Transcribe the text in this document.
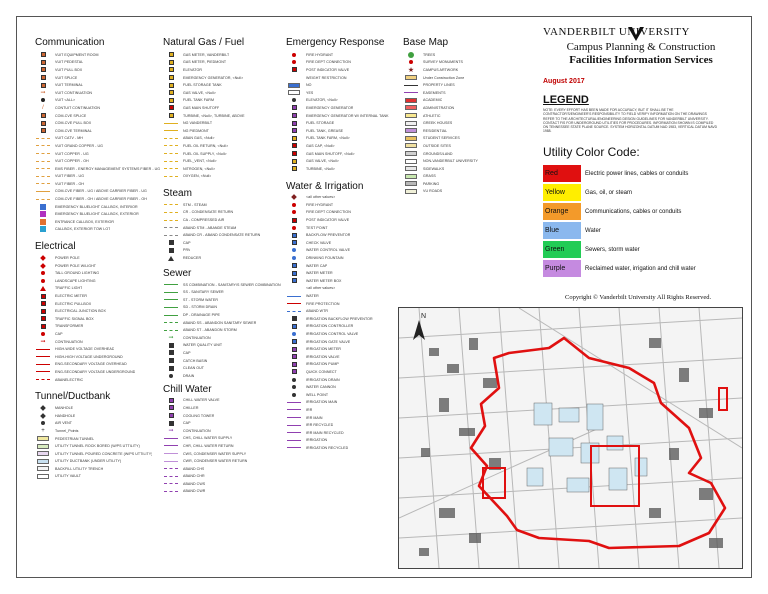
Communication
VUIT EQUIPMENT ROOM
VUIT PEDESTAL
VUIT PULL BOX
VUIT SPLICE
VUIT TERMINAL
➞	VUIT CONTINUATION
VUIT <ALL>
/	CONTUIT CONTINUATION
COM-CVE SPLICE
COM-CVE PULL BOX
COM-CVE TERMINAL
VUIT CATV - MH
VUIT GRAND COPPER - UG
VUIT COPPER - UG
VUIT COPPER - OH
EMS FIBER - ENERGY MANAGEMENT SYSTEMS FIBER - UG
VUIT FIBER - UG
VUIT FIBER - OH
COM-CVE FIBER - UG / ABOVE CARRIER FIBER - UG
COM-CVE FIBER - OH / ABOVE CARRIER FIBER - OH
EMERGENCY BLUELIGHT CALLBOX, INTERIOR
EMERGENCY BLUELIGHT CALLBOX, EXTERIOR
ENTRANCE CALLBOX, EXTERIOR
CALLBOX, EXTERIOR TOW LOT
Electrical
POWER POLE
POWER POLE W/LIGHT
TALL GROUND LIGHTING
LANDSCAPE LIGHTING
TRAFFIC LIGHT
ELECTRIC METER
ELECTRIC PULLBOX
ELECTRICAL JUNCTION BOX
TRAFFIC SIGNAL BOX
TRANSFORMER
CAP
➞	CONTINUATION
HIGH-WIDE VOLTAGE OVERHEAD
HIGH-HIGH VOLTAGE UNDERGROUND
ENG-SECONDARY VOLTAGE OVERHEAD
ENG-SECONDARY VOLTAGE UNDERGROUND
ABANELECTRIC
Tunnel/Ductbank
MANHOLE
HANDHOLE
AIR VENT
+	Tunnel_Points
PEDESTRIAN TUNNEL
UTILITY TUNNEL ROCK BORED (W/PS UTTILITY)
UTILITY TUNNEL POURED CONCRETE (W/PS UTTILITY)
UTILITY DUCTBANK (UNDER UTILITY)
BACKFILL UTILITY TRENCH
UTILITY VAULT
Natural Gas / Fuel
GAS METER, VANDERBILT
GAS METER, PIEDMONT
ELEVATOR
EMERGENCY GENERATOR, <Null>
FUEL STORAGE TANK
GAS VALVE, <Null>
FUEL TANK FARM
GAS MAIN SHUTOFF
TURBINE, <Null>, TURBINE, ABOVE
NG VANDERBILT
NG PIEDMONT
ABAN GAS, <Null>
FUEL OIL RETURN, <Null>
FUEL OIL SUPPLY, <Null>
FUEL_VENT, <Null>
NITROGEN, <Null>
OXYGEN, <Null>
Steam
STM - STEAM
CR - CONDENSATE RETURN
CA - COMPRESSED AIR
ABAND STM - ABANDE STEAM
ABAND CR - ABAND CONDENSATE RETURN
CAP
PRV
REDUCER
Sewer
SS COMBINATION - SANITARY/S SEWER COMBINATION
SS - SANITARY SEWER
ST - STORM WATER
SD - STORM DRAIN
DP - DRAINAGE PIPE
ABAND SS - ABANDON SANITARY SEWER
ABAND ST - ABANDON STORM
➞	CONTINUATION
WATER QUALITY UNIT
CAP
CATCH BASIN
CLEAN OUT
DRAIN
Chill Water
CHILL WATER VALVE
CHILLER
COOLING TOWER
CAP
➞	CONTINUATION
CHS, CHILL WATER SUPPLY
CHR, CHILL WATER RETURN
CWS, CONDENSER WATER SUPPLY
CWR, CONDENSER WATER RETURN
ABAND CHS
ABAND CHR
ABAND CWS
ABAND CWR
Emergency Response
FIRE HYDRANT
FIRE DEPT CONNECTION
POST INDICATOR VALVE
WEIGHT RESTRICTION
NO
YES
ELEVATOR, <Null>
EMERGENCY GENERATOR
EMERGENCY GENERATOR W/ INTERNAL TANK
FUEL STORAGE
FUEL TANK, GREASE
FUEL TANK FARM, <Null>
GAS CAP, <Null>
GAS MAIN SHUTOFF, <Null>
GAS VALVE, <Null>
TURBINE, <Null>
Water & Irrigation
<all other values>
FIRE HYDRANT
FIRE DEPT CONNECTION
POST INDICATOR VALVE
TEST POINT
BACKFLOW PREVENTOR
CHECK VALVE
WATER CONTROL VALVE
DRINKING FOUNTAIN
WATER CAP
WATER METER
WATER METER BOX
<all other values>
WATER
FIRE PROTECTION
ABAND WTR
IRRIGATION BACKFLOW PREVENTOR
IRRIGATION CONTROLLER
IRRIGATION CONTROL VALVE
IRRIGATION GATE VALVE
IRRIGATION METER
IRRIGATION VALVE
IRRIGATION PUMP
QUICK CONNECT
IRRIGATION DRAIN
WATER CANNON
WELL POINT
IRRIGATION MAIN
IRR
IRR MAIN
IRR RECYCLED
IRR MAIN RECYCLED
IRRIGATION
IRRIGATION RECYCLED
Base Map
TREES
SURVEY MONUMENTS
★ CAMPUS ARTWORK
Under Construction Zone
PROPERTY LINES
EASEMENTS
ACADEMIC
ADMINISTRATION
ATHLETIC
GREEK HOUSES
RESIDENTIAL
STUDENT SERVICES
OUTSIDE SITES
GROUNDS/LAND
NON-VANDERBILT UNIVERSITY
SIDEWALKS
GRASS
PARKING
VU ROADS
VANDERBILT UNIVERSITY
Campus Planning & Construction
Facilities Information Services
August 2017
LEGEND
NOTE: EVERY EFFORT HAS BEEN MADE FOR ACCURACY, BUT IT SHALL BE THE CONTRACTOR'S/ENGINEER'S RESPONSIBILITY TO FIELD VERIFY INFORMATION ON THE DRAWINGS REFER TO THE ARCHITECTURAL/ENGINEERING DESIGN GUIDELINES FOR VANDERBILT UNIVERSITY. CONTACT FIS FOR UNDERGROUND UTILITIES FOR PROCEDURES. INFORMATION SHOWN IS COMPILED ON TENNESSEE STATE PLANE SOURCE. SYSTEM HORIZONTAL DATUM NAD 1983, VERTICAL DATUM NAVD 1988.
Utility Color Code:
Red	Electric power lines, cables or conduits
Yellow	Gas, oil, or steam
Orange	Communications, cables or conduits
Blue	Water
Green	Sewers, storm water
Purple	Reclaimed water, irrigation and chill water
Copyright © Vanderbilt University All Rights Reserved.
N
